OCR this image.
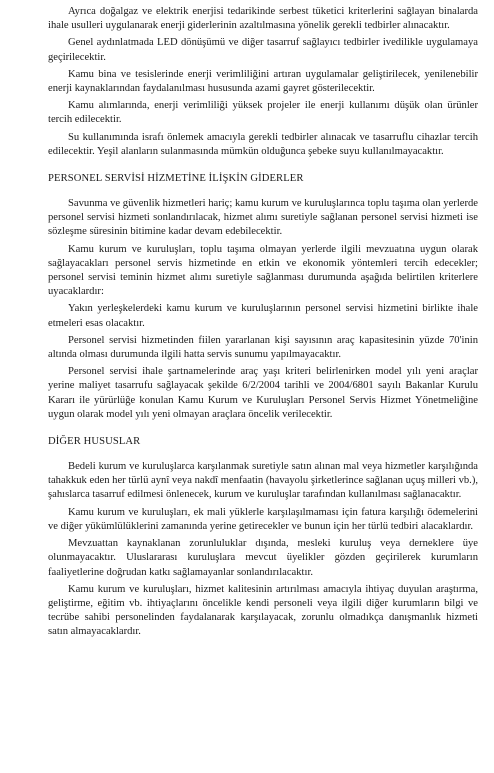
Ayrıca doğalgaz ve elektrik enerjisi tedarikinde serbest tüketici kriterlerini sağlayan binalarda ihale usulleri uygulanarak enerji giderlerinin azaltılmasına yönelik gerekli tedbirler alınacaktır.

Genel aydınlatmada LED dönüşümü ve diğer tasarruf sağlayıcı tedbirler ivedilikle uygulamaya geçirilecektir.

Kamu bina ve tesislerinde enerji verimliliğini artıran uygulamalar geliştirilecek, yenilenebilir enerji kaynaklarından faydalanılması hususunda azami gayret gösterilecektir.

Kamu alımlarında, enerji verimliliği yüksek projeler ile enerji kullanımı düşük olan ürünler tercih edilecektir.

Su kullanımında israfı önlemek amacıyla gerekli tedbirler alınacak ve tasarruflu cihazlar tercih edilecektir. Yeşil alanların sulanmasında mümkün olduğunca şebeke suyu kullanılmayacaktır.

PERSONEL SERVİSİ HİZMETİNE İLİŞKİN GİDERLER

Savunma ve güvenlik hizmetleri hariç; kamu kurum ve kuruluşlarınca toplu taşıma olan yerlerde personel servisi hizmeti sonlandırılacak, hizmet alımı suretiyle sağlanan personel servisi hizmeti ise sözleşme süresinin bitimine kadar devam edebilecektir.

Kamu kurum ve kuruluşları, toplu taşıma olmayan yerlerde ilgili mevzuatına uygun olarak sağlayacakları personel servis hizmetinde en etkin ve ekonomik yöntemleri tercih edecekler; personel servisi teminin hizmet alımı suretiyle sağlanması durumunda aşağıda belirtilen kriterlere uyacaklardır:

Yakın yerleşkelerdeki kamu kurum ve kuruluşlarının personel servisi hizmetini birlikte ihale etmeleri esas olacaktır.

Personel servisi hizmetinden fiilen yararlanan kişi sayısının araç kapasitesinin yüzde 70'inin altında olması durumunda ilgili hatta servis sunumu yapılmayacaktır.

Personel servisi ihale şartnamelerinde araç yaşı kriteri belirlenirken model yılı yeni araçlar yerine maliyet tasarrufu sağlayacak şekilde 6/2/2004 tarihli ve 2004/6801 sayılı Bakanlar Kurulu Kararı ile yürürlüğe konulan Kamu Kurum ve Kuruluşları Personel Servis Hizmet Yönetmeliğine uygun olarak model yılı yeni olmayan araçlara öncelik verilecektir.

DİĞER HUSUSLAR

Bedeli kurum ve kuruluşlarca karşılanmak suretiyle satın alınan mal veya hizmetler karşılığında tahakkuk eden her türlü aynî veya nakdî menfaatin (havayolu şirketlerince sağlanan uçuş milleri vb.), şahıslarca tasarruf edilmesi önlenecek, kurum ve kuruluşlar tarafından kullanılması sağlanacaktır.

Kamu kurum ve kuruluşları, ek mali yüklerle karşılaşılmaması için fatura karşılığı ödemelerini ve diğer yükümlülüklerini zamanında yerine getirecekler ve bunun için her türlü tedbiri alacaklardır.

Mevzuattan kaynaklanan zorunluluklar dışında, mesleki kuruluş veya derneklere üye olunmayacaktır. Uluslararası kuruluşlara mevcut üyelikler gözden geçirilerek kurumların faaliyetlerine doğrudan katkı sağlamayanlar sonlandırılacaktır.

Kamu kurum ve kuruluşları, hizmet kalitesinin artırılması amacıyla ihtiyaç duyulan araştırma, geliştirme, eğitim vb. ihtiyaçlarını öncelikle kendi personeli veya ilgili diğer kurumların bilgi ve tecrübe sahibi personelinden faydalanarak karşılayacak, zorunlu olmadıkça danışmanlık hizmeti satın almayacaklardır.
